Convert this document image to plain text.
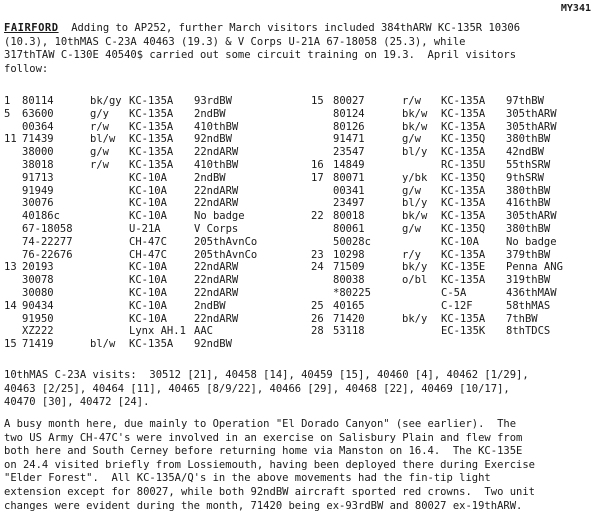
MY341

FAIRFORD  Adding to AP252, further March visitors included 384thARW KC-135R 10306
(10.3), 10thMAS C-23A 40463 (19.3) & V Corps U-21A 67-18058 (25.3), while
317thTAW C-130E 40540$ carried out some circuit training on 19.3.  April visitors
follow:

1 80114	bk/gy KC-135A 93rdBW	15 80027	r/w KC-135A 97thBW
5 63600	g/y KC-135A 2ndBW	80124	bk/w KC-135A 305thARW
00364	r/w KC-135A 410thBW	80126	bk/w KC-135A 305thARW
11 71439	bl/w KC-135A 92ndBW	91471	g/w KC-135Q 380thBW
38000	g/w KC-135A 22ndARW	23547	bl/y KC-135A 42ndBW
38018	r/w KC-135A 410thBW	16 14849	RC-135U 55thSRW
91713	KC-10A	2ndBW	17 80071	y/bk KC-135Q 9thSRW
91949	KC-10A	22ndARW	00341	g/w KC-135A 380thBW
30076	KC-10A	22ndARW	23497	bl/y KC-135A 416thBW
40186c	KC-10A	No badge	22 80018	bk/w KC-135A 305thARW
67-18058	U-21A	V Corps	80061	g/w KC-135Q 380thBW
74-22277	CH-47C	205thAvnCo	50028c	KC-10A	No badge
76-22676	CH-47C	205thAvnCo	23 10298	r/y KC-135A 379thBW
13 20193	KC-10A	22ndARW	24 71509	bk/y KC-135E Penna ANG
30078	KC-10A	22ndARW	80038	o/bl KC-135A 319thBW
30080	KC-10A	22ndARW	*80225	C-5A	436thMAW
14 90434	KC-10A	2ndBW	25 40165	C-12F	58thMAS
91950	KC-10A	22ndARW	26 71420	bk/y KC-135A 7thBW
XZ222	Lynx AH.1 AAC	28 53118	EC-135K 8thTDCS
15 71419	bl/w KC-135A 92ndBW

10thMAS C-23A visits:  30512 [21], 40458 [14], 40459 [15], 40460 [4], 40462 [1/29],
40463 [2/25], 40464 [11], 40465 [8/9/22], 40466 [29], 40468 [22], 40469 [10/17],
40470 [30], 40472 [24].

A busy month here, due mainly to Operation "El Dorado Canyon" (see earlier).  The
two US Army CH-47C's were involved in an exercise on Salisbury Plain and flew from
both here and South Cerney before returning home via Manston on 16.4.  The KC-135E
on 24.4 visited briefly from Lossiemouth, having been deployed there during Exercise
"Elder Forest".  All KC-135A/Q's in the above movements had the fin-tip light
extension except for 80027, while both 92ndBW aircraft sported red crowns.  Two unit
changes were evident during the month, 71420 being ex-93rdBW and 80027 ex-19thARW.
